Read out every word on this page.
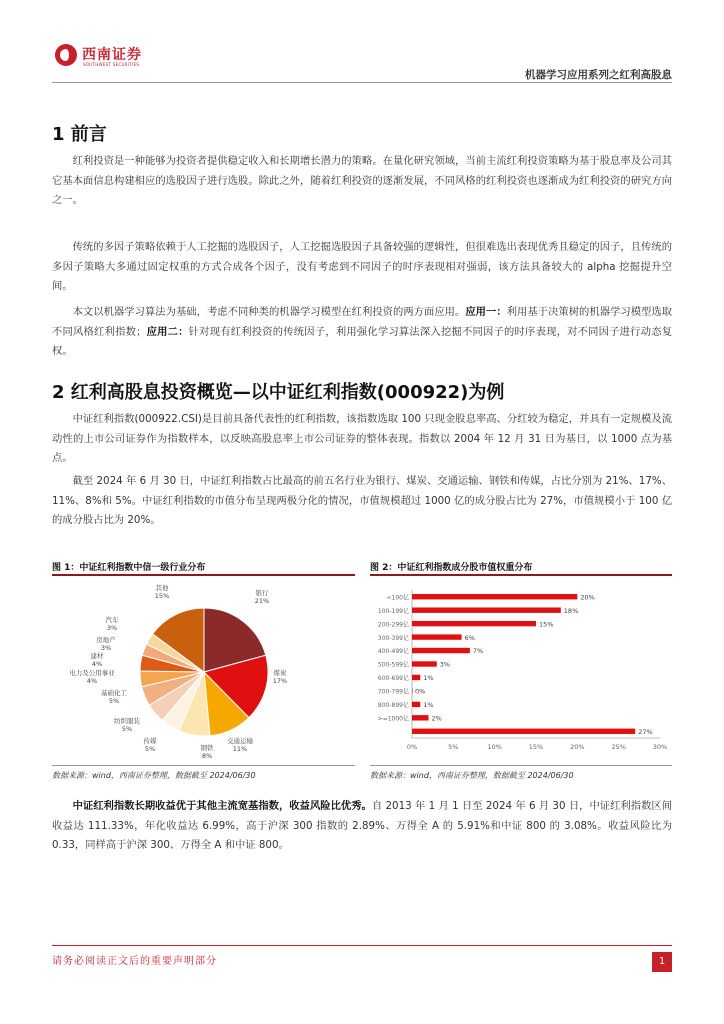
西南证券
SOUTHWEST SECURITIES
机器学习应用系列之红利高股息
1 前言
红利投资是一种能够为投资者提供稳定收入和长期增长潜力的策略。在量化研究领域，当前主流红利投资策略为基于股息率及公司其它基本面信息构建相应的选股因子进行选股。除此之外，随着红利投资的逐渐发展，不同风格的红利投资也逐渐成为红利投资的研究方向之一。
传统的多因子策略依赖于人工挖掘的选股因子，人工挖掘选股因子具备较强的逻辑性，但很难选出表现优秀且稳定的因子，且传统的多因子策略大多通过固定权重的方式合成各个因子，没有考虑到不同因子的时序表现相对强弱，该方法具备较大的 alpha 挖掘提升空间。
本文以机器学习算法为基础，考虑不同种类的机器学习模型在红利投资的两方面应用。应用一：利用基于决策树的机器学习模型选取不同风格红利指数；应用二：针对现有红利投资的传统因子，利用强化学习算法深入挖掘不同因子的时序表现，对不同因子进行动态复权。
2 红利高股息投资概览—以中证红利指数(000922)为例
中证红利指数(000922.CSI)是目前具备代表性的红利指数，该指数选取 100 只现金股息率高、分红较为稳定，并具有一定规模及流动性的上市公司证券作为指数样本，以反映高股息率上市公司证券的整体表现。指数以 2004 年 12 月 31 日为基日，以 1000 点为基点。
截至 2024 年 6 月 30 日，中证红利指数占比最高的前五名行业为银行、煤炭、交通运输、钢铁和传媒，占比分别为 21%、17%、11%、8%和 5%。中证红利指数的市值分布呈现两极分化的情况，市值规模超过 1000 亿的成分股占比为 27%，市值规模小于 100 亿的成分股占比为 20%。
图 1：中证红利指数中信一级行业分布
银行
21%
煤炭
17%
交通运输
11%
钢铁
8%
传媒
5%
纺织服装
5%
基础化工
5%
电力及公用事业
4%
建材
4%
房地产
3%
汽车
3%
其他
15%
数据来源：wind，西南证券整理，数据截至 2024/06/30
图 2：中证红利指数成分股市值权重分布
0%	5%	10%	15%	20%	25%	30%
<100亿	20%
100-199亿	18%
200-299亿	15%
300-399亿	6%
400-499亿	7%
500-599亿	3%
600-699亿 1%
700-799亿 0%
800-899亿 1%
>=1000亿	2%
27%
数据来源：wind，西南证券整理，数据截至 2024/06/30
中证红利指数长期收益优于其他主流宽基指数，收益风险比优秀。自 2013 年 1 月 1 日至 2024 年 6 月 30 日，中证红利指数区间收益达 111.33%，年化收益达 6.99%，高于沪深 300 指数的 2.89%、万得全 A 的 5.91%和中证 800 的 3.08%。收益风险比为 0.33，同样高于沪深 300、万得全 A 和中证 800。
请务必阅读正文后的重要声明部分	1
